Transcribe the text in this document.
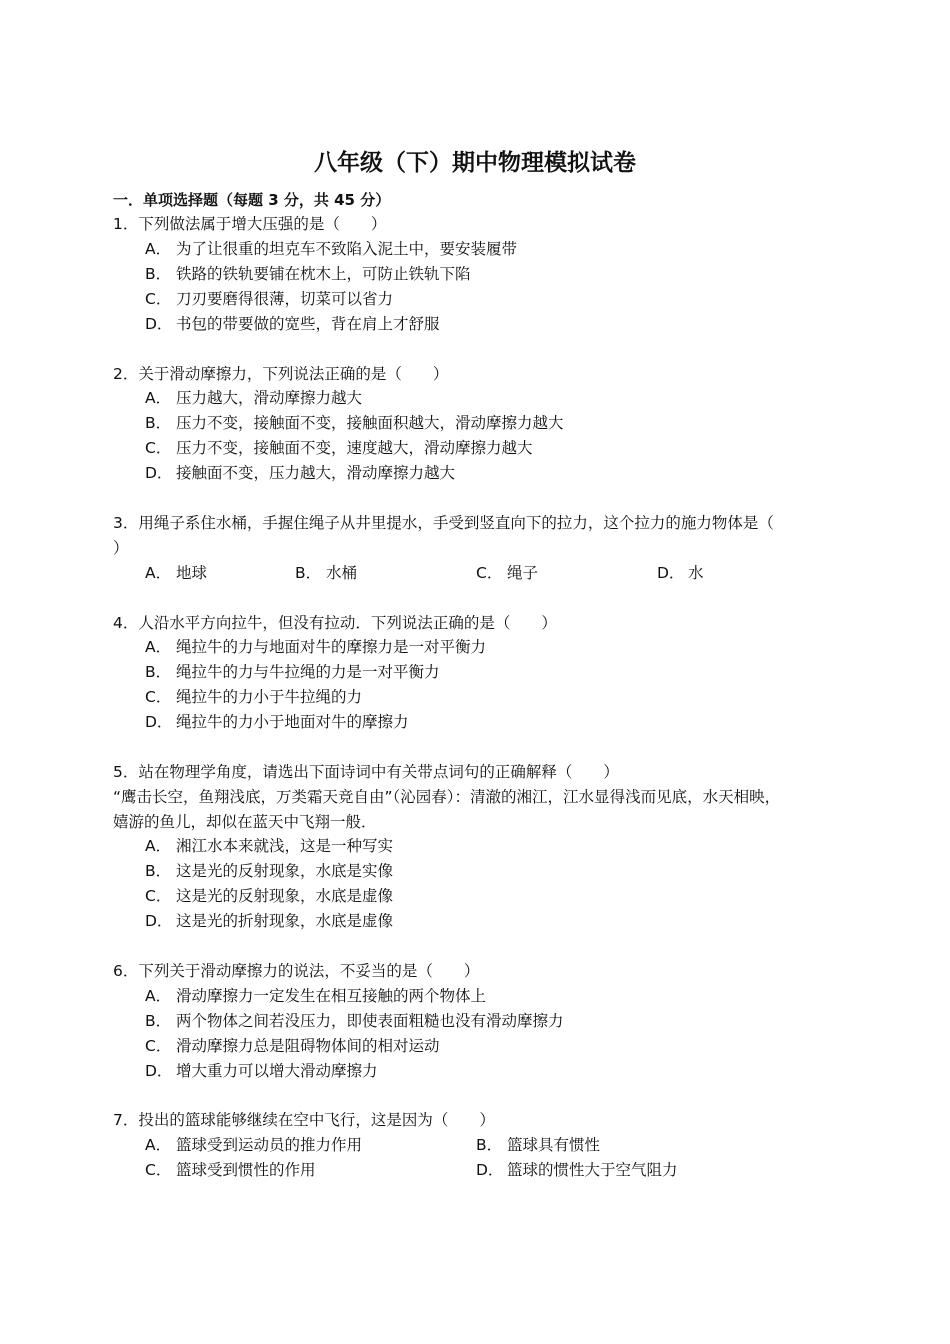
八年级（下）期中物理模拟试卷
一．单项选择题（每题 3 分，共 45 分）
1．下列做法属于增大压强的是（　　）
A． 为了让很重的坦克车不致陷入泥土中，要安装履带
B． 铁路的铁轨要铺在枕木上，可防止铁轨下陷
C． 刀刃要磨得很薄，切菜可以省力
D． 书包的带要做的宽些，背在肩上才舒服
2．关于滑动摩擦力，下列说法正确的是（　　）
A． 压力越大，滑动摩擦力越大
B． 压力不变，接触面不变，接触面积越大，滑动摩擦力越大
C． 压力不变，接触面不变，速度越大，滑动摩擦力越大
D． 接触面不变，压力越大，滑动摩擦力越大
3．用绳子系住水桶，手握住绳子从井里提水，手受到竖直向下的拉力，这个拉力的施力物体是（
）
A． 地球	B． 水桶	C． 绳子	D． 水
4．人沿水平方向拉牛，但没有拉动．下列说法正确的是（　　）
A． 绳拉牛的力与地面对牛的摩擦力是一对平衡力
B． 绳拉牛的力与牛拉绳的力是一对平衡力
C． 绳拉牛的力小于牛拉绳的力
D． 绳拉牛的力小于地面对牛的摩擦力
5．站在物理学角度，请选出下面诗词中有关带点词句的正确解释（　　）
“鹰击长空，鱼翔浅底，万类霜天竞自由”（沁园春）：清澈的湘江，江水显得浅而见底，水天相映，
嬉游的鱼儿，却似在蓝天中飞翔一般．
A． 湘江水本来就浅，这是一种写实
B． 这是光的反射现象，水底是实像
C． 这是光的反射现象，水底是虚像
D． 这是光的折射现象，水底是虚像
6．下列关于滑动摩擦力的说法，不妥当的是（　　）
A． 滑动摩擦力一定发生在相互接触的两个物体上
B． 两个物体之间若没压力，即使表面粗糙也没有滑动摩擦力
C． 滑动摩擦力总是阻碍物体间的相对运动
D． 增大重力可以增大滑动摩擦力
7．投出的篮球能够继续在空中飞行，这是因为（　　）
A． 篮球受到运动员的推力作用	B． 篮球具有惯性
C． 篮球受到惯性的作用	D． 篮球的惯性大于空气阻力
